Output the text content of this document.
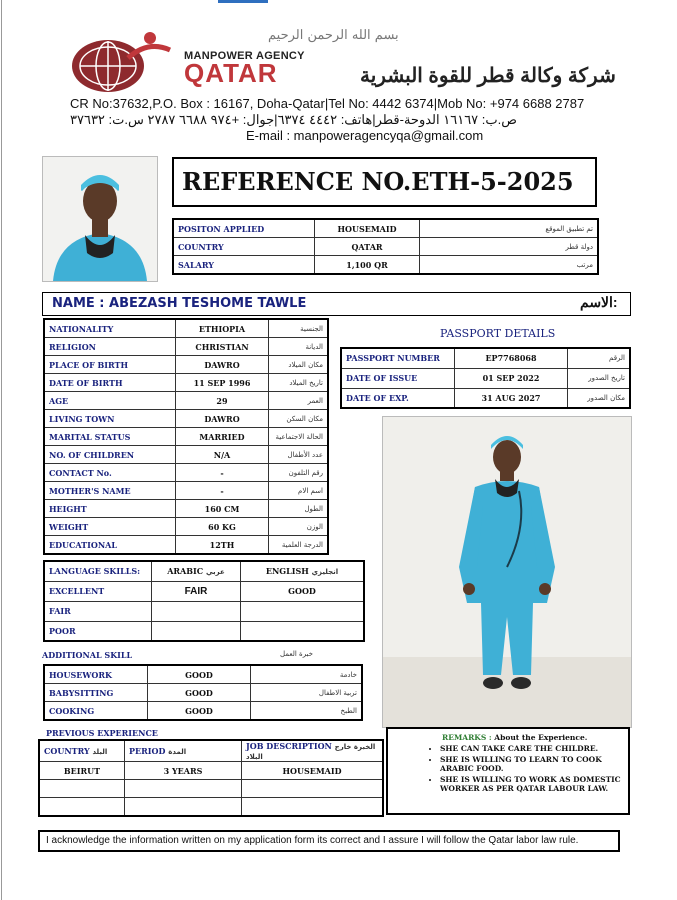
بسم الله الرحمن الرحيم
MANPOWER AGENCY
QATAR	شركة وكالة قطر للقوة البشرية
CR No:37632,P.O. Box : 16167, Doha-Qatar|Tel No: 4442 6374|Mob No: +974 6688 2787
ص.ب: ١٦١٦٧ الدوحة-قطر|هاتف: ٤٤٤٢ ٦٣٧٤|جوال: +٩٧٤ ٦٦٨٨ ٢٧٨٧ س.ت: ٣٧٦٣٢
E-mail : manpoweragencyqa@gmail.com
REFERENCE NO.ETH-5-2025
POSITON APPLIED	HOUSEMAID	تم تطبيق الموقع
COUNTRY	QATAR	دولة قطر
SALARY	1,100 QR	مرتب
NAME : ABEZASH TESHOME TAWLE	الاسم:
NATIONALITY	ETHIOPIA	الجنسية
RELIGION	CHRISTIAN	الديانة
PLACE OF BIRTH	DAWRO	مكان الميلاد
DATE OF BIRTH	11 SEP 1996	تاريخ الميلاد
AGE	29	العمر
LIVING TOWN	DAWRO	مكان السكن
MARITAL STATUS	MARRIED	الحالة الاجتماعية
NO. OF CHILDREN	N/A	عدد الأطفال
CONTACT No.	-	رقم التلفون
MOTHER'S NAME	-	اسم الام
HEIGHT	160 CM	الطول
WEIGHT	60 KG	الوزن
EDUCATIONAL	12TH	الدرجة العلمية
PASSPORT DETAILS
PASSPORT NUMBER	EP7768068	الرقم
DATE OF ISSUE	01 SEP 2022	تاريخ الصدور
DATE OF EXP.	31 AUG 2027	مكان الصدور
LANGUAGE SKILLS:	ARABIC عربي	ENGLISH انجليزي
EXCELLENT	FAIR	GOOD
FAIR		
POOR		
ADDITIONAL SKILL	خبرة العمل
HOUSEWORK	GOOD	خادمة
BABYSITTING	GOOD	تربية الاطفال
COOKING	GOOD	الطبخ
PREVIOUS EXPERIENCE
COUNTRY البلد	PERIOD المدة	JOB DESCRIPTION الخبرة خارج البلاد
BEIRUT	3 YEARS	HOUSEMAID

REMARKS : About the Experience.
• SHE CAN TAKE CARE THE CHILDRE.
• SHE IS WILLING TO LEARN TO COOK ARABIC FOOD.
• SHE IS WILLING TO WORK AS DOMESTIC WORKER AS PER QATAR LABOUR LAW.
I acknowledge the information written on my application form its correct and I assure I will follow the Qatar labor law rule.
